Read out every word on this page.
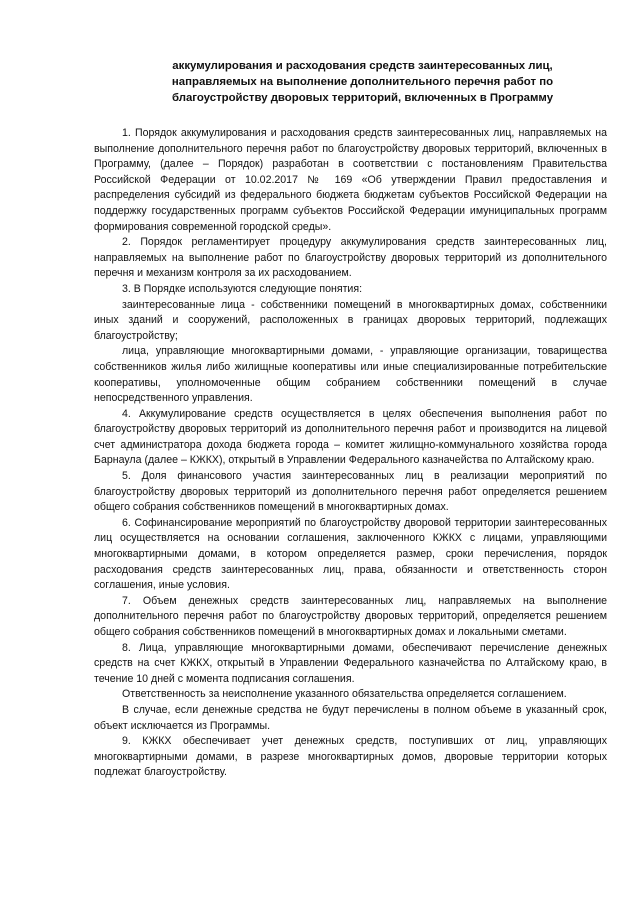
аккумулирования и расходования средств заинтересованных лиц,
направляемых на выполнение дополнительного перечня работ по
благоустройству дворовых территорий, включенных в Программу

1. Порядок аккумулирования и расходования средств заинтересованных лиц, направляемых на выполнение дополнительного перечня работ по благоустройству дворовых территорий, включенных в Программу, (далее – Порядок) разработан в соответствии с постановлениям Правительства Российской Федерации от 10.02.2017 № 169 «Об утверждении Правил предоставления и распределения субсидий из федерального бюджета бюджетам субъектов Российской Федерации на поддержку государственных программ субъектов Российской Федерации имуниципальных программ формирования современной городской среды».

2. Порядок регламентирует процедуру аккумулирования средств заинтересованных лиц, направляемых на выполнение работ по благоустройству дворовых территорий из дополнительного перечня и механизм контроля за их расходованием.

3. В Порядке используются следующие понятия:

заинтересованные лица - собственники помещений в многоквартирных домах, собственники иных зданий и сооружений, расположенных в границах дворовых территорий, подлежащих благоустройству;

лица, управляющие многоквартирными домами, - управляющие организации, товарищества собственников жилья либо жилищные кооперативы или иные специализированные потребительские кооперативы, уполномоченные общим собранием собственники помещений в случае непосредственного управления.

4. Аккумулирование средств осуществляется в целях обеспечения выполнения работ по благоустройству дворовых территорий из дополнительного перечня работ и производится на лицевой счет администратора дохода бюджета города – комитет жилищно-коммунального хозяйства города Барнаула (далее – КЖКХ), открытый в Управлении Федерального казначейства по Алтайскому краю.

5. Доля финансового участия заинтересованных лиц в реализации мероприятий по благоустройству дворовых территорий из дополнительного перечня работ определяется решением общего собрания собственников помещений в многоквартирных домах.

6. Софинансирование мероприятий по благоустройству дворовой территории заинтересованных лиц осуществляется на основании соглашения, заключенного КЖКХ с лицами, управляющими многоквартирными домами, в котором определяется размер, сроки перечисления, порядок расходования средств заинтересованных лиц, права, обязанности и ответственность сторон соглашения, иные условия.

7. Объем денежных средств заинтересованных лиц, направляемых на выполнение дополнительного перечня работ по благоустройству дворовых территорий, определяется решением общего собрания собственников помещений в многоквартирных домах и локальными сметами.

8. Лица, управляющие многоквартирными домами, обеспечивают перечисление денежных средств на счет КЖКХ, открытый в Управлении Федерального казначейства по Алтайскому краю, в течение 10 дней с момента подписания соглашения.

Ответственность за неисполнение указанного обязательства определяется соглашением.

В случае, если денежные средства не будут перечислены в полном объеме в указанный срок, объект исключается из Программы.

9. КЖКХ обеспечивает учет денежных средств, поступивших от лиц, управляющих многоквартирными домами, в разрезе многоквартирных домов, дворовые территории которых подлежат благоустройству.
